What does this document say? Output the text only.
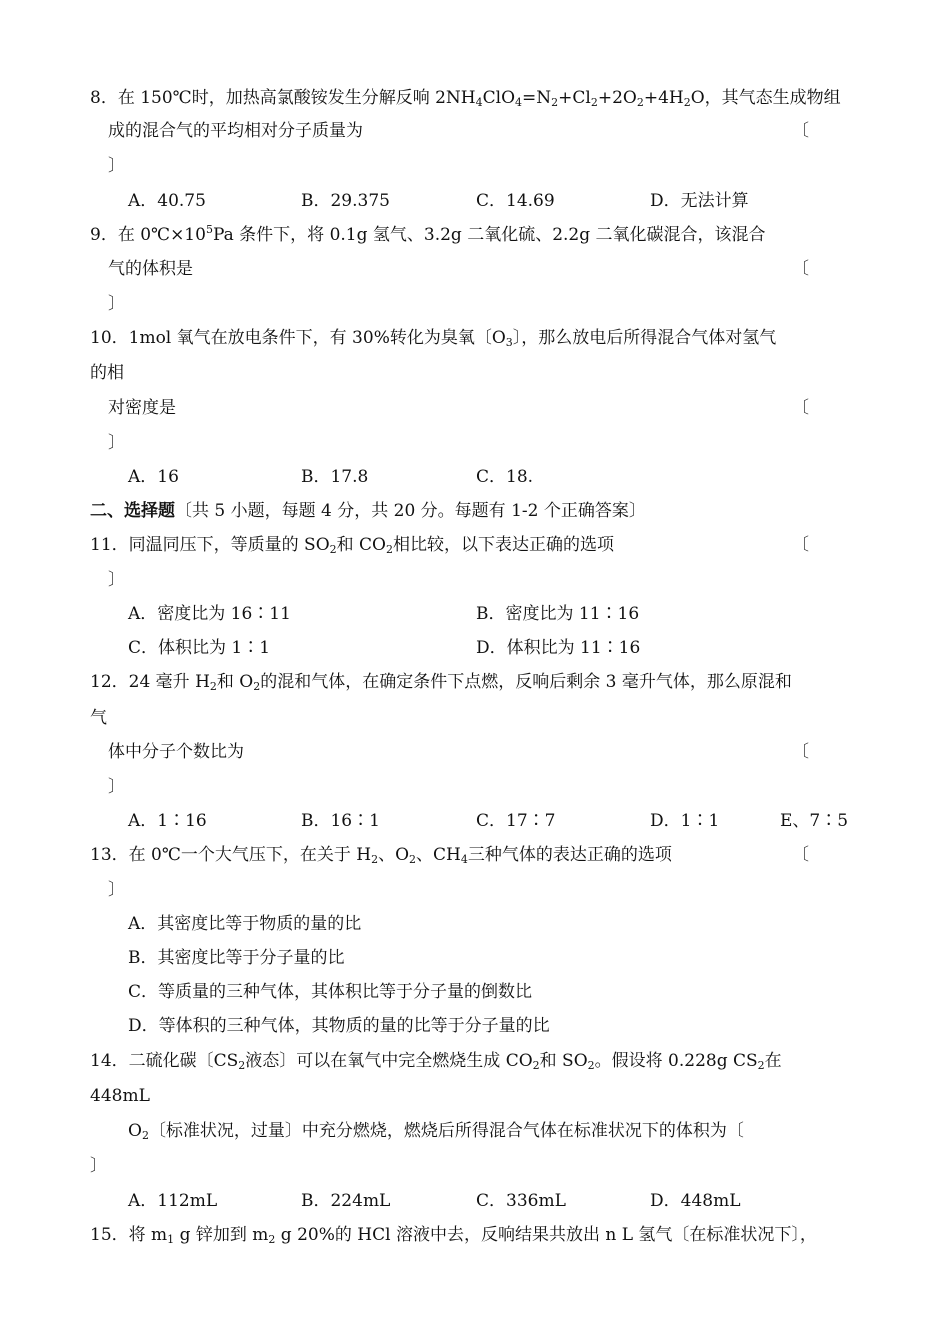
8．在 150℃时，加热高氯酸铵发生分解反响 $2NH_4ClO_4=N_2+Cl_2+2O_2+4H_2O$，其气态生成物组
成的混合气的平均相对分子质量为	〔
〕
A．40.75	B．29.375	C．14.69	D．无法计算
9．在 $0℃\times 10^5Pa$ 条件下，将 0.1g 氢气、3.2g 二氧化硫、2.2g 二氧化碳混合，该混合
气的体积是	〔
〕
10．1mol 氧气在放电条件下，有 30%转化为臭氧〔$O_3$〕，那么放电后所得混合气体对氢气
的相
对密度是	〔
〕
A．16	B．17.8	C．18.
二、选择题〔共 5 小题，每题 4 分，共 20 分。每题有 1-2 个正确答案〕
11．同温同压下，等质量的 $SO_2$和 $CO_2$相比较，以下表达正确的选项	〔
〕
A．密度比为 16∶11	B．密度比为 11∶16
C．体积比为 1∶1	D．体积比为 11∶16
12．24 毫升 $H_2$和 $O_2$的混和气体，在确定条件下点燃，反响后剩余 3 毫升气体，那么原混和
气
体中分子个数比为	〔
〕
A．1∶16	B．16∶1	C．17∶7	D．1∶1	E、7∶5
13．在 0℃一个大气压下，在关于 $H_2$、$O_2$、$CH_4$三种气体的表达正确的选项	〔
〕
A．其密度比等于物质的量的比
B．其密度比等于分子量的比
C．等质量的三种气体，其体积比等于分子量的倒数比
D．等体积的三种气体，其物质的量的比等于分子量的比
14．二硫化碳〔$CS_2$液态〕可以在氧气中完全燃烧生成 $CO_2$和 $SO_2$。假设将 0.228g $CS_2$在
448mL
$O_2$〔标准状况，过量〕中充分燃烧，燃烧后所得混合气体在标准状况下的体积为〔
〕
A．112mL	B．224mL	C．336mL	D．448mL
15．将 $m_1$ g 锌加到 $m_2$ g 20%的 HCl 溶液中去，反响结果共放出 n L 氢气〔在标准状况下〕，
